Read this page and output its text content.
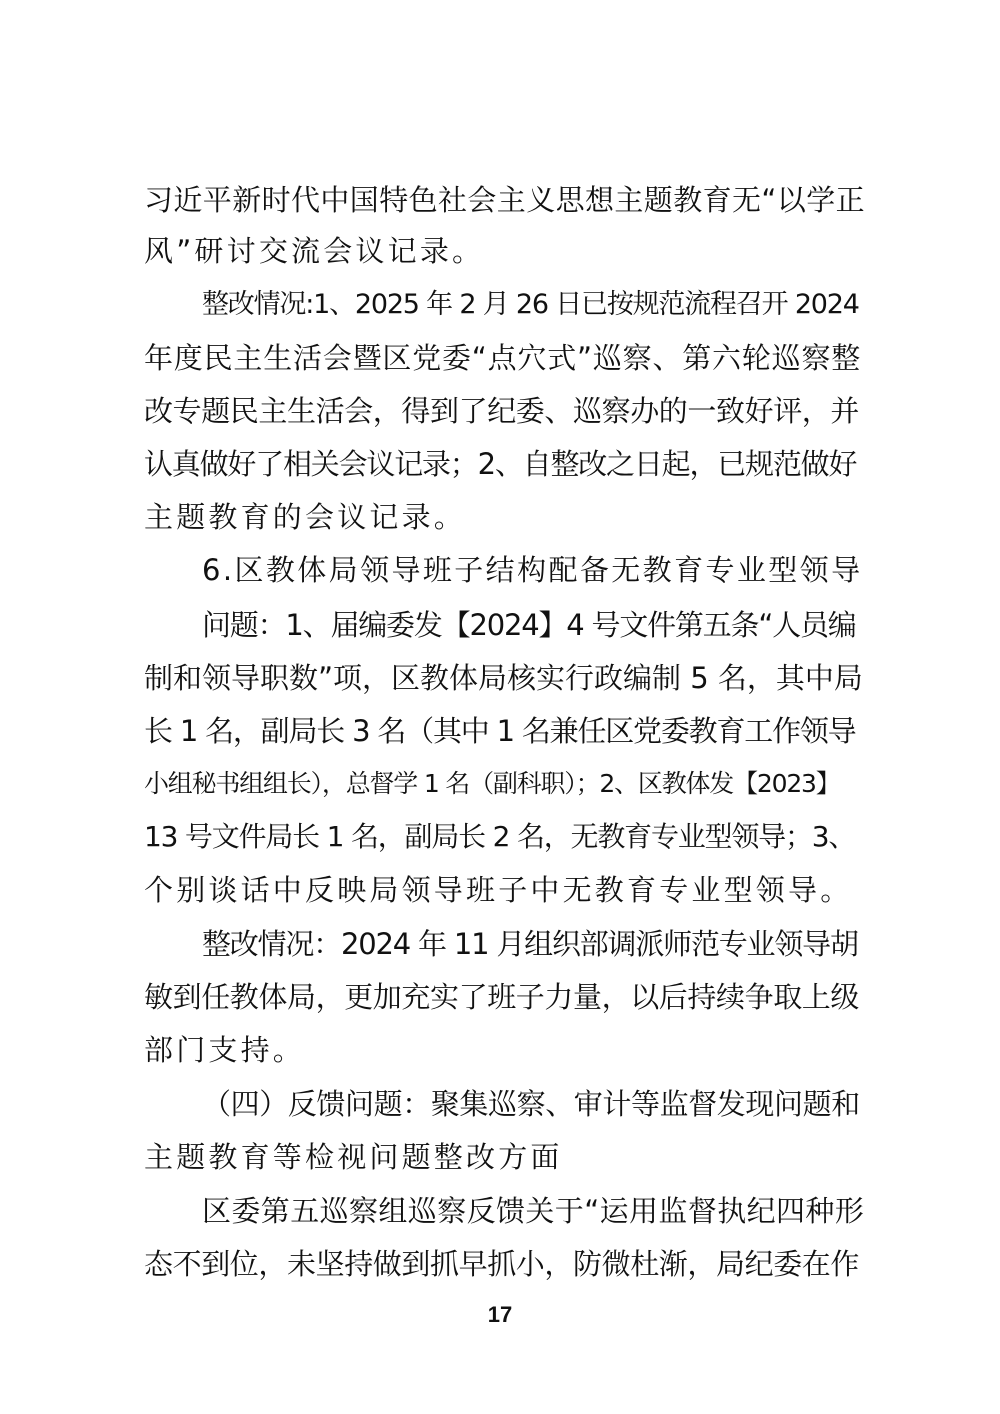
习近平新时代中国特色社会主义思想主题教育无“以学正
风”研讨交流会议记录。
整改情况:1、2025 年 2 月 26 日已按规范流程召开 2024
年度民主生活会暨区党委“点穴式”巡察、第六轮巡察整
改专题民主生活会，得到了纪委、巡察办的一致好评，并
认真做好了相关会议记录；2、自整改之日起，已规范做好
主题教育的会议记录。
6.区教体局领导班子结构配备无教育专业型领导
问题：1、届编委发【2024】4 号文件第五条“人员编
制和领导职数”项，区教体局核实行政编制 5 名，其中局
长 1 名，副局长 3 名（其中 1 名兼任区党委教育工作领导
小组秘书组组长），总督学 1 名（副科职）；2、区教体发【2023】
13 号文件局长 1 名，副局长 2 名，无教育专业型领导；3、
个别谈话中反映局领导班子中无教育专业型领导。
整改情况：2024 年 11 月组织部调派师范专业领导胡
敏到任教体局，更加充实了班子力量，以后持续争取上级
部门支持。
（四）反馈问题：聚集巡察、审计等监督发现问题和
主题教育等检视问题整改方面
区委第五巡察组巡察反馈关于“运用监督执纪四种形
态不到位，未坚持做到抓早抓小，防微杜渐，局纪委在作
17
